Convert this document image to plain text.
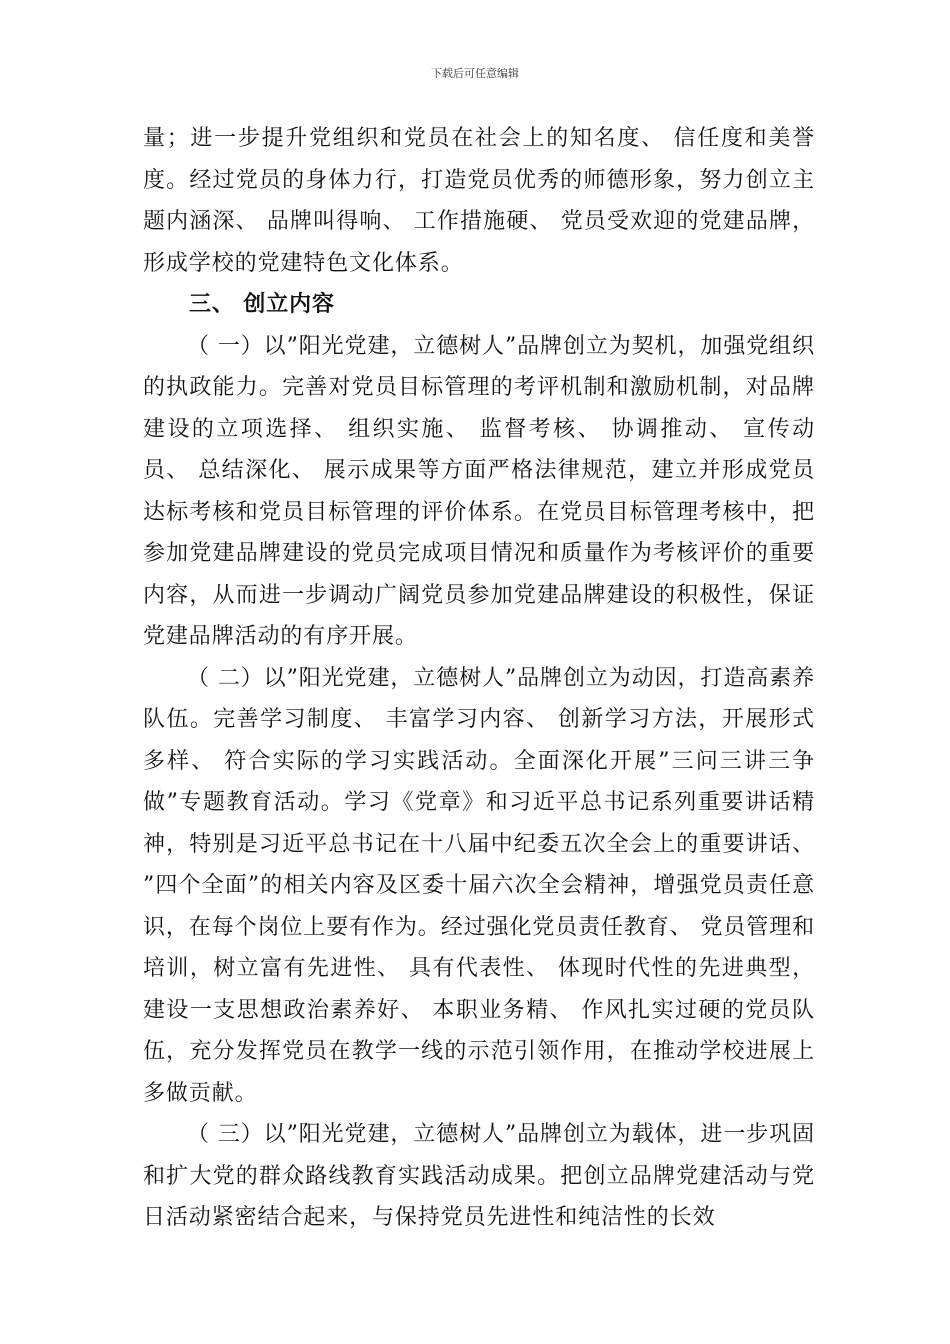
下载后可任意编辑

量；进一步提升党组织和党员在社会上的知名度、 信任度和美誉度。经过党员的身体力行，打造党员优秀的师德形象，努力创立主题内涵深、 品牌叫得响、 工作措施硬、 党员受欢迎的党建品牌，形成学校的党建特色文化体系。

三、 创立内容

（ 一）以”阳光党建，立德树人”品牌创立为契机，加强党组织的执政能力。完善对党员目标管理的考评机制和激励机制，对品牌建设的立项选择、 组织实施、 监督考核、 协调推动、 宣传动员、 总结深化、 展示成果等方面严格法律规范，建立并形成党员达标考核和党员目标管理的评价体系。在党员目标管理考核中，把参加党建品牌建设的党员完成项目情况和质量作为考核评价的重要内容，从而进一步调动广阔党员参加党建品牌建设的积极性，保证党建品牌活动的有序开展。

（ 二）以”阳光党建，立德树人”品牌创立为动因，打造高素养队伍。完善学习制度、 丰富学习内容、 创新学习方法，开展形式多样、 符合实际的学习实践活动。全面深化开展”三问三讲三争做”专题教育活动。学习《党章》和习近平总书记系列重要讲话精神，特别是习近平总书记在十八届中纪委五次全会上的重要讲话、 ”四个全面”的相关内容及区委十届六次全会精神，增强党员责任意识，在每个岗位上要有作为。经过强化党员责任教育、 党员管理和培训，树立富有先进性、 具有代表性、 体现时代性的先进典型，建设一支思想政治素养好、 本职业务精、 作风扎实过硬的党员队伍，充分发挥党员在教学一线的示范引领作用，在推动学校进展上多做贡献。

（ 三）以”阳光党建，立德树人”品牌创立为载体，进一步巩固和扩大党的群众路线教育实践活动成果。把创立品牌党建活动与党日活动紧密结合起来，与保持党员先进性和纯洁性的长效
